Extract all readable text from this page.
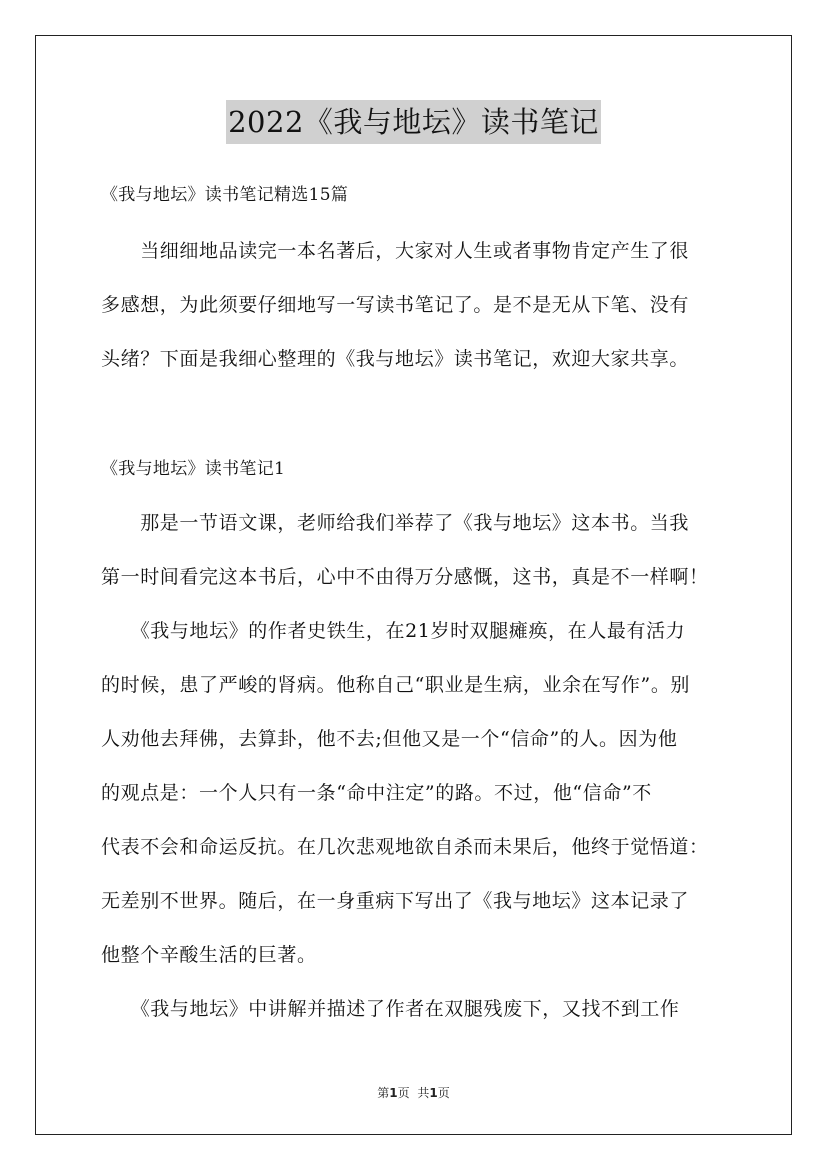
2022《我与地坛》读书笔记
《我与地坛》读书笔记精选15篇
　　当细细地品读完一本名著后，大家对人生或者事物肯定产生了很
多感想，为此须要仔细地写一写读书笔记了。是不是无从下笔、没有
头绪？下面是我细心整理的《我与地坛》读书笔记，欢迎大家共享。
《我与地坛》读书笔记1
　　那是一节语文课，老师给我们举荐了《我与地坛》这本书。当我
第一时间看完这本书后，心中不由得万分感慨，这书，真是不一样啊！
　　《我与地坛》的作者史铁生，在21岁时双腿瘫痪，在人最有活力
的时候，患了严峻的肾病。他称自己“职业是生病，业余在写作”。别
人劝他去拜佛，去算卦，他不去;但他又是一个“信命”的人。因为他
的观点是：一个人只有一条“命中注定”的路。不过，他“信命”不
代表不会和命运反抗。在几次悲观地欲自杀而未果后，他终于觉悟道：
无差别不世界。随后，在一身重病下写出了《我与地坛》这本记录了
他整个辛酸生活的巨著。
　　《我与地坛》中讲解并描述了作者在双腿残废下，又找不到工作
第1页 共1页
